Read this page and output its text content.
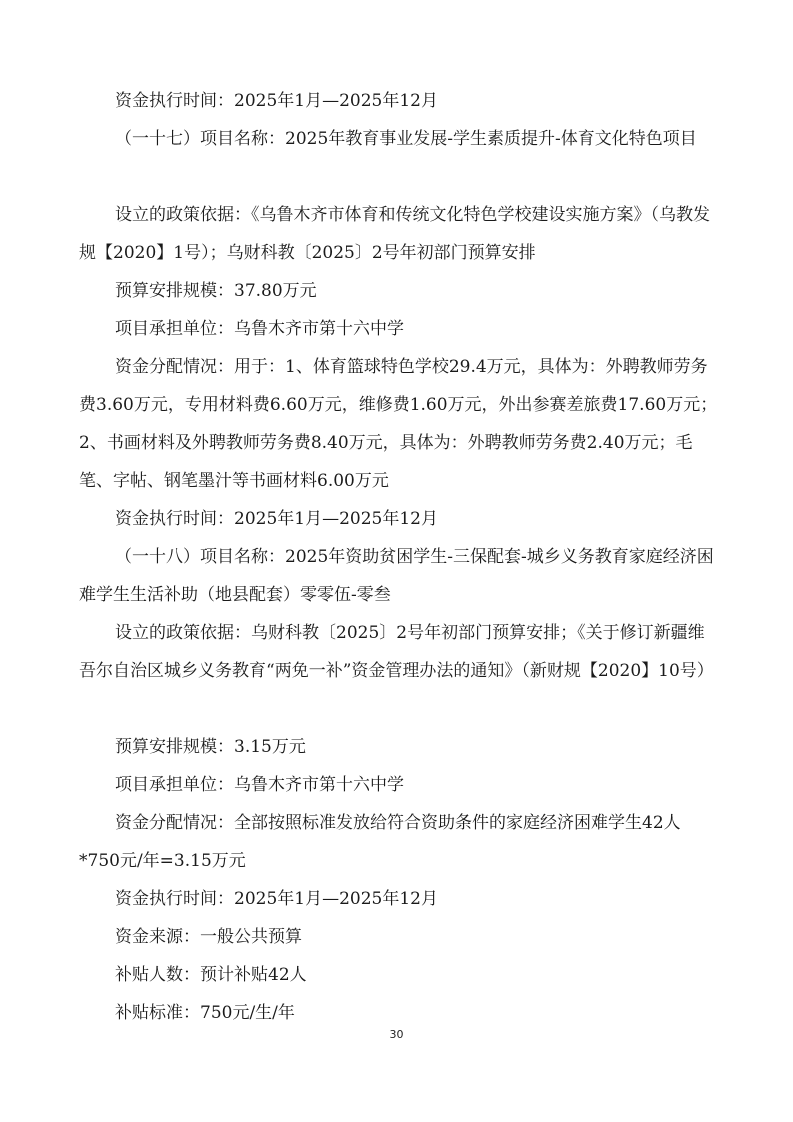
资金执行时间：2025年1月—2025年12月

（一十七）项目名称：2025年教育事业发展-学生素质提升-体育文化特色项目

设立的政策依据：《乌鲁木齐市体育和传统文化特色学校建设实施方案》（乌教发规【2020】1号）；乌财科教〔2025〕2号年初部门预算安排

预算安排规模：37.80万元

项目承担单位：乌鲁木齐市第十六中学

资金分配情况：用于：1、体育篮球特色学校29.4万元，具体为：外聘教师劳务费3.60万元，专用材料费6.60万元，维修费1.60万元，外出参赛差旅费17.60万元；2、书画材料及外聘教师劳务费8.40万元，具体为：外聘教师劳务费2.40万元；毛笔、字帖、钢笔墨汁等书画材料6.00万元

资金执行时间：2025年1月—2025年12月

（一十八）项目名称：2025年资助贫困学生-三保配套-城乡义务教育家庭经济困难学生生活补助（地县配套）零零伍-零叁

设立的政策依据：乌财科教〔2025〕2号年初部门预算安排；《关于修订新疆维吾尔自治区城乡义务教育“两免一补”资金管理办法的通知》（新财规【2020】10号）

预算安排规模：3.15万元

项目承担单位：乌鲁木齐市第十六中学

资金分配情况：全部按照标准发放给符合资助条件的家庭经济困难学生42人*750元/年=3.15万元

资金执行时间：2025年1月—2025年12月

资金来源：一般公共预算

补贴人数：预计补贴42人

补贴标准：750元/生/年

30
